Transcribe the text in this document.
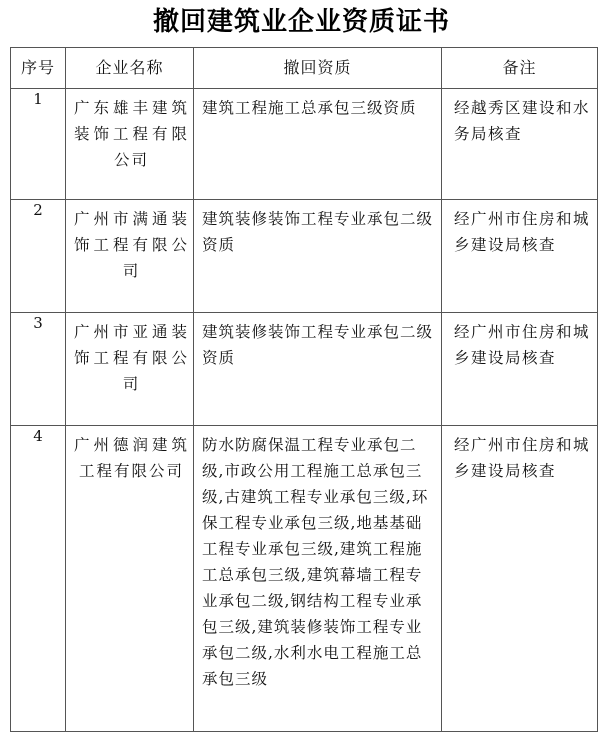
撤回建筑业企业资质证书
序号	企业名称	撤回资质	备注
1	广东雄丰建筑装饰工程有限公司	建筑工程施工总承包三级资质	经越秀区建设和水务局核查

2	广州市满通装饰工程有限公司	建筑装修装饰工程专业承包二级资质	经广州市住房和城乡建设局核查

3	广州市亚通装饰工程有限公司	建筑装修装饰工程专业承包二级资质	经广州市住房和城乡建设局核查

4	广州德润建筑工程有限公司	防水防腐保温工程专业承包二级,市政公用工程施工总承包三级,古建筑工程专业承包三级,环保工程专业承包三级,地基基础工程专业承包三级,建筑工程施工总承包三级,建筑幕墙工程专业承包二级,钢结构工程专业承包三级,建筑装修装饰工程专业承包二级,水利水电工程施工总承包三级	经广州市住房和城乡建设局核查
